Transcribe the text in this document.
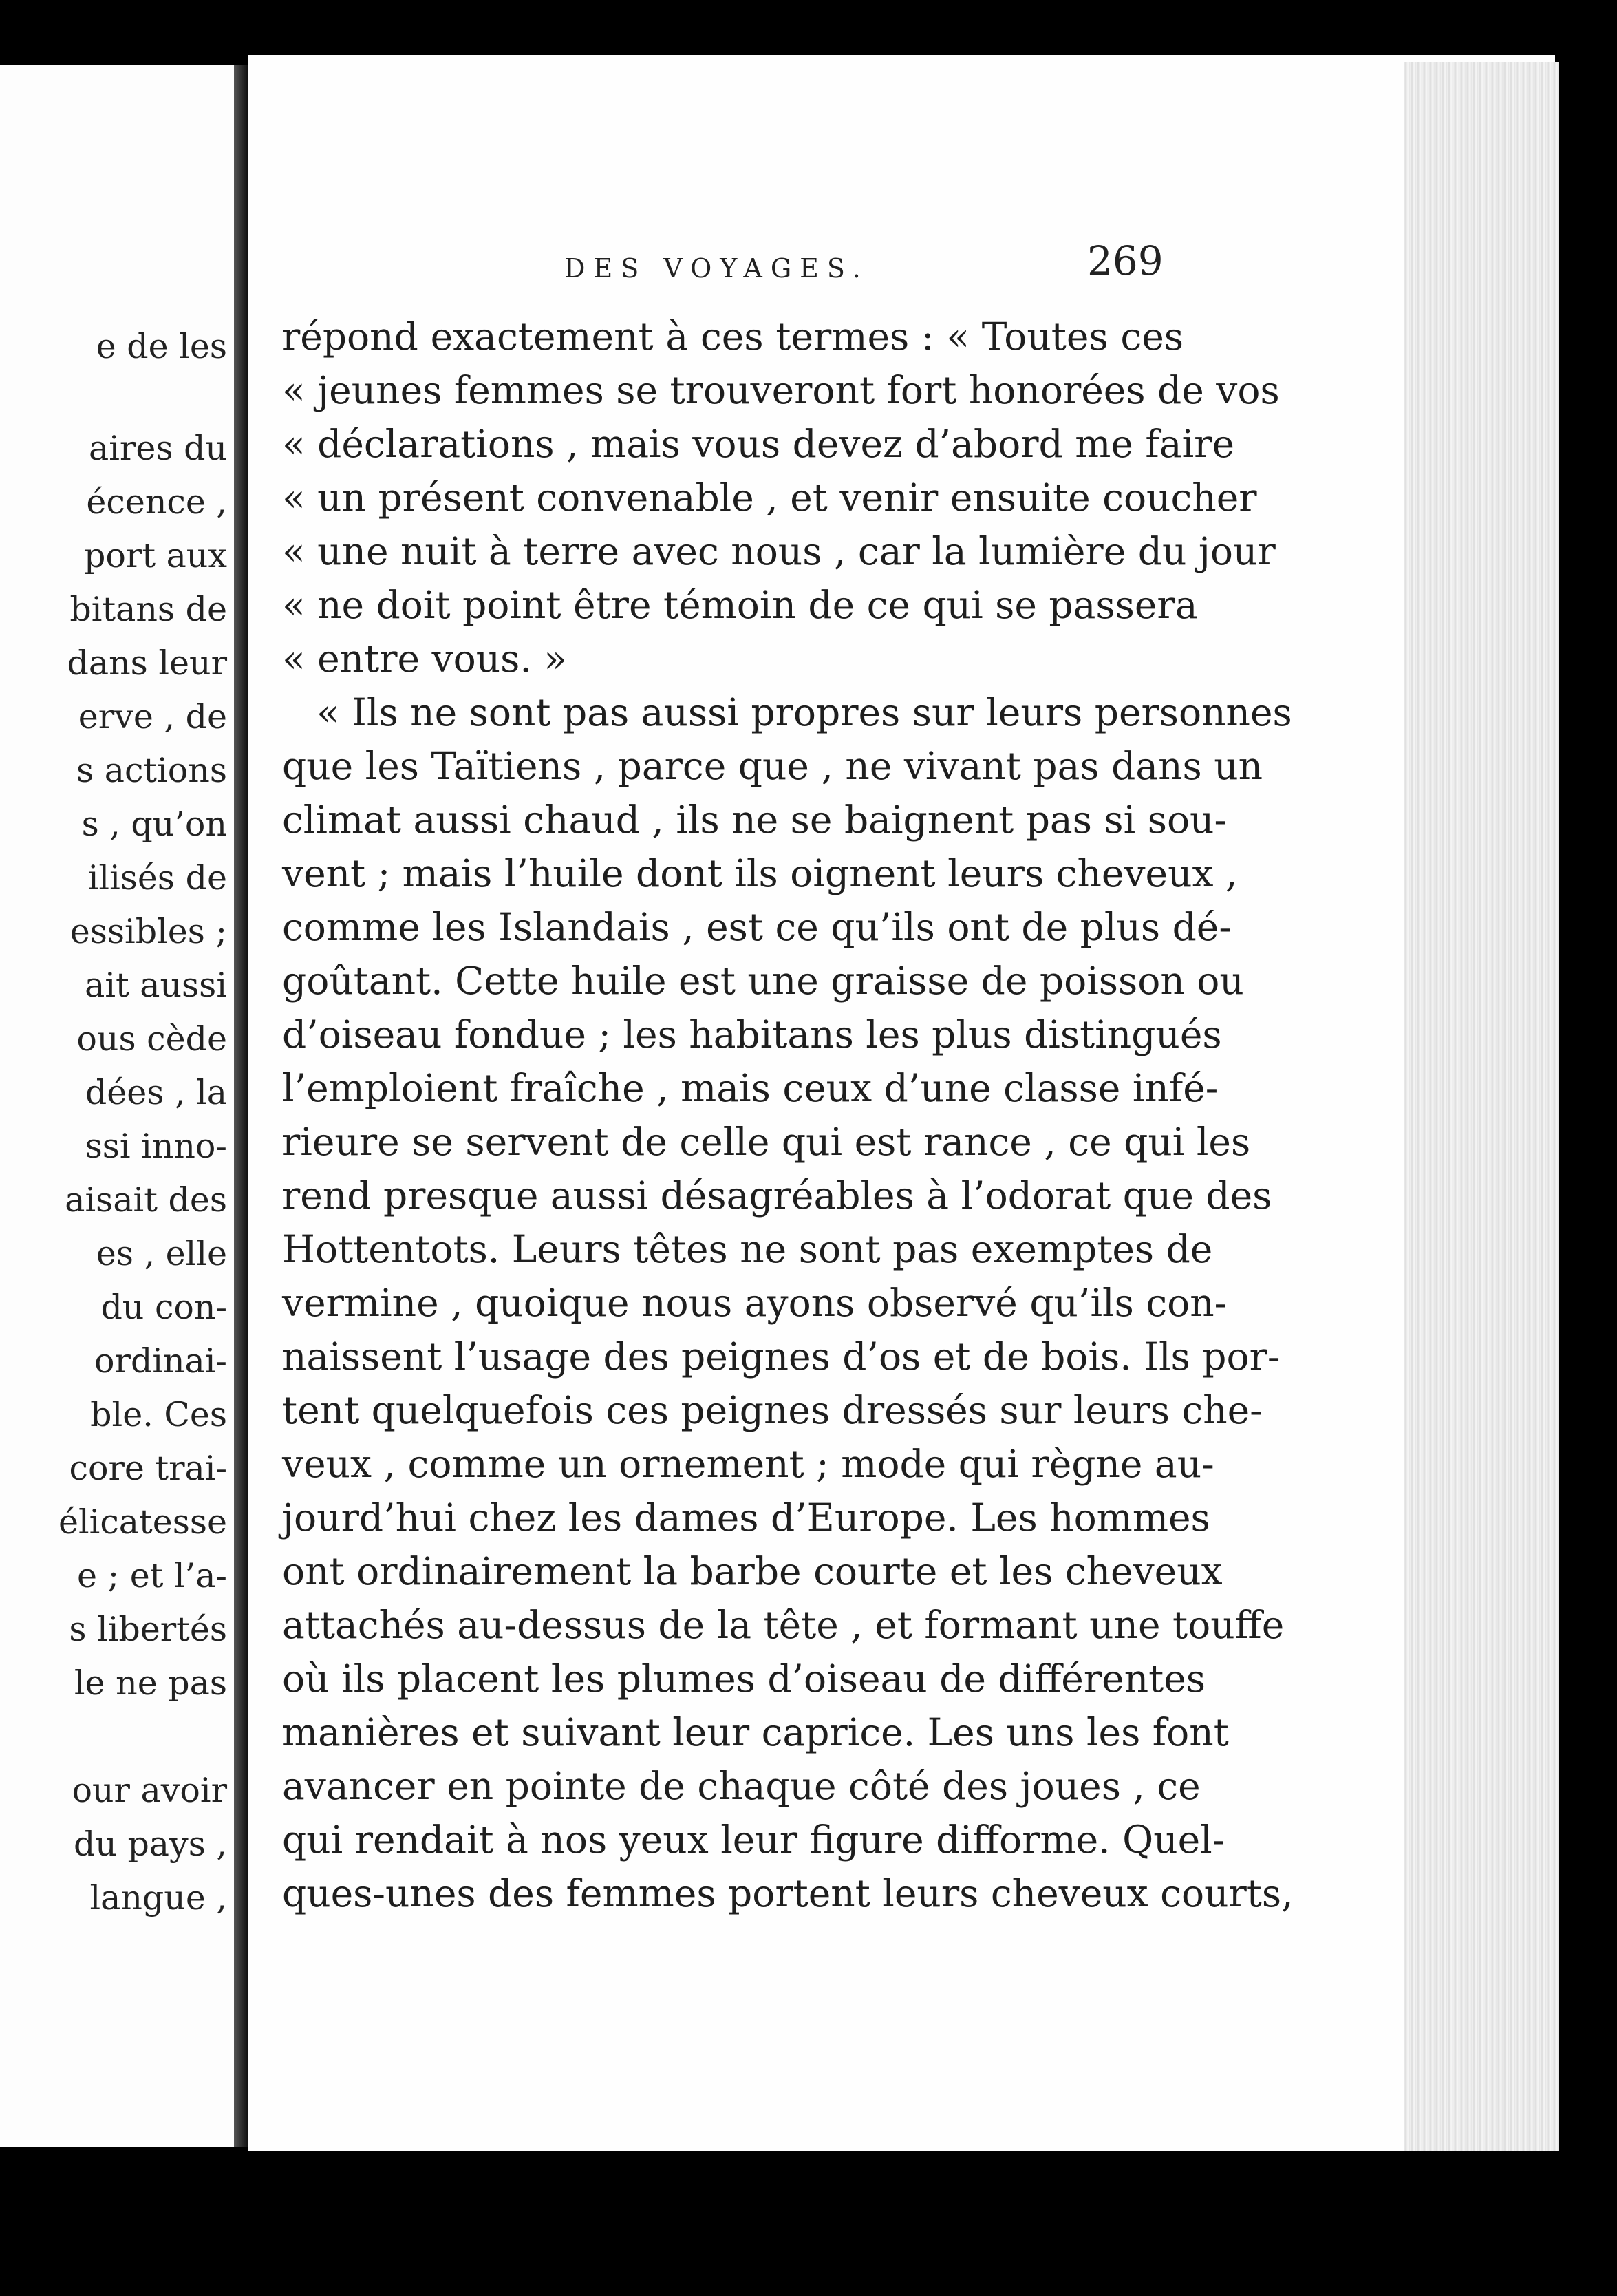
e de les
aires du
écence ,
port aux
bitans de
dans leur
erve , de
s actions
s , qu’on
ilisés de
essibles ;
ait aussi
ous cède
dées , la
ssi inno-
aisait des
es , elle
du con-
ordinai-
ble. Ces
core trai-
élicatesse
e ; et l’a-
s libertés
le ne pas
our avoir
du pays ,
langue ,
DES VOYAGES.	269
répond exactement à ces termes : « Toutes ces
« jeunes femmes se trouveront fort honorées de vos
« déclarations , mais vous devez d’abord me faire
« un présent convenable , et venir ensuite coucher
« une nuit à terre avec nous , car la lumière du jour
« ne doit point être témoin de ce qui se passera
« entre vous. »
« Ils ne sont pas aussi propres sur leurs personnes
que les Taïtiens , parce que , ne vivant pas dans un
climat aussi chaud , ils ne se baignent pas si sou-
vent ; mais l’huile dont ils oignent leurs cheveux ,
comme les Islandais , est ce qu’ils ont de plus dé-
goûtant. Cette huile est une graisse de poisson ou
d’oiseau fondue ; les habitans les plus distingués
l’emploient fraîche , mais ceux d’une classe infé-
rieure se servent de celle qui est rance , ce qui les
rend presque aussi désagréables à l’odorat que des
Hottentots. Leurs têtes ne sont pas exemptes de
vermine , quoique nous ayons observé qu’ils con-
naissent l’usage des peignes d’os et de bois. Ils por-
tent quelquefois ces peignes dressés sur leurs che-
veux , comme un ornement ; mode qui règne au-
jourd’hui chez les dames d’Europe. Les hommes
ont ordinairement la barbe courte et les cheveux
attachés au-dessus de la tête , et formant une touffe
où ils placent les plumes d’oiseau de différentes
manières et suivant leur caprice. Les uns les font
avancer en pointe de chaque côté des joues , ce
qui rendait à nos yeux leur figure difforme. Quel-
ques-unes des femmes portent leurs cheveux courts,
